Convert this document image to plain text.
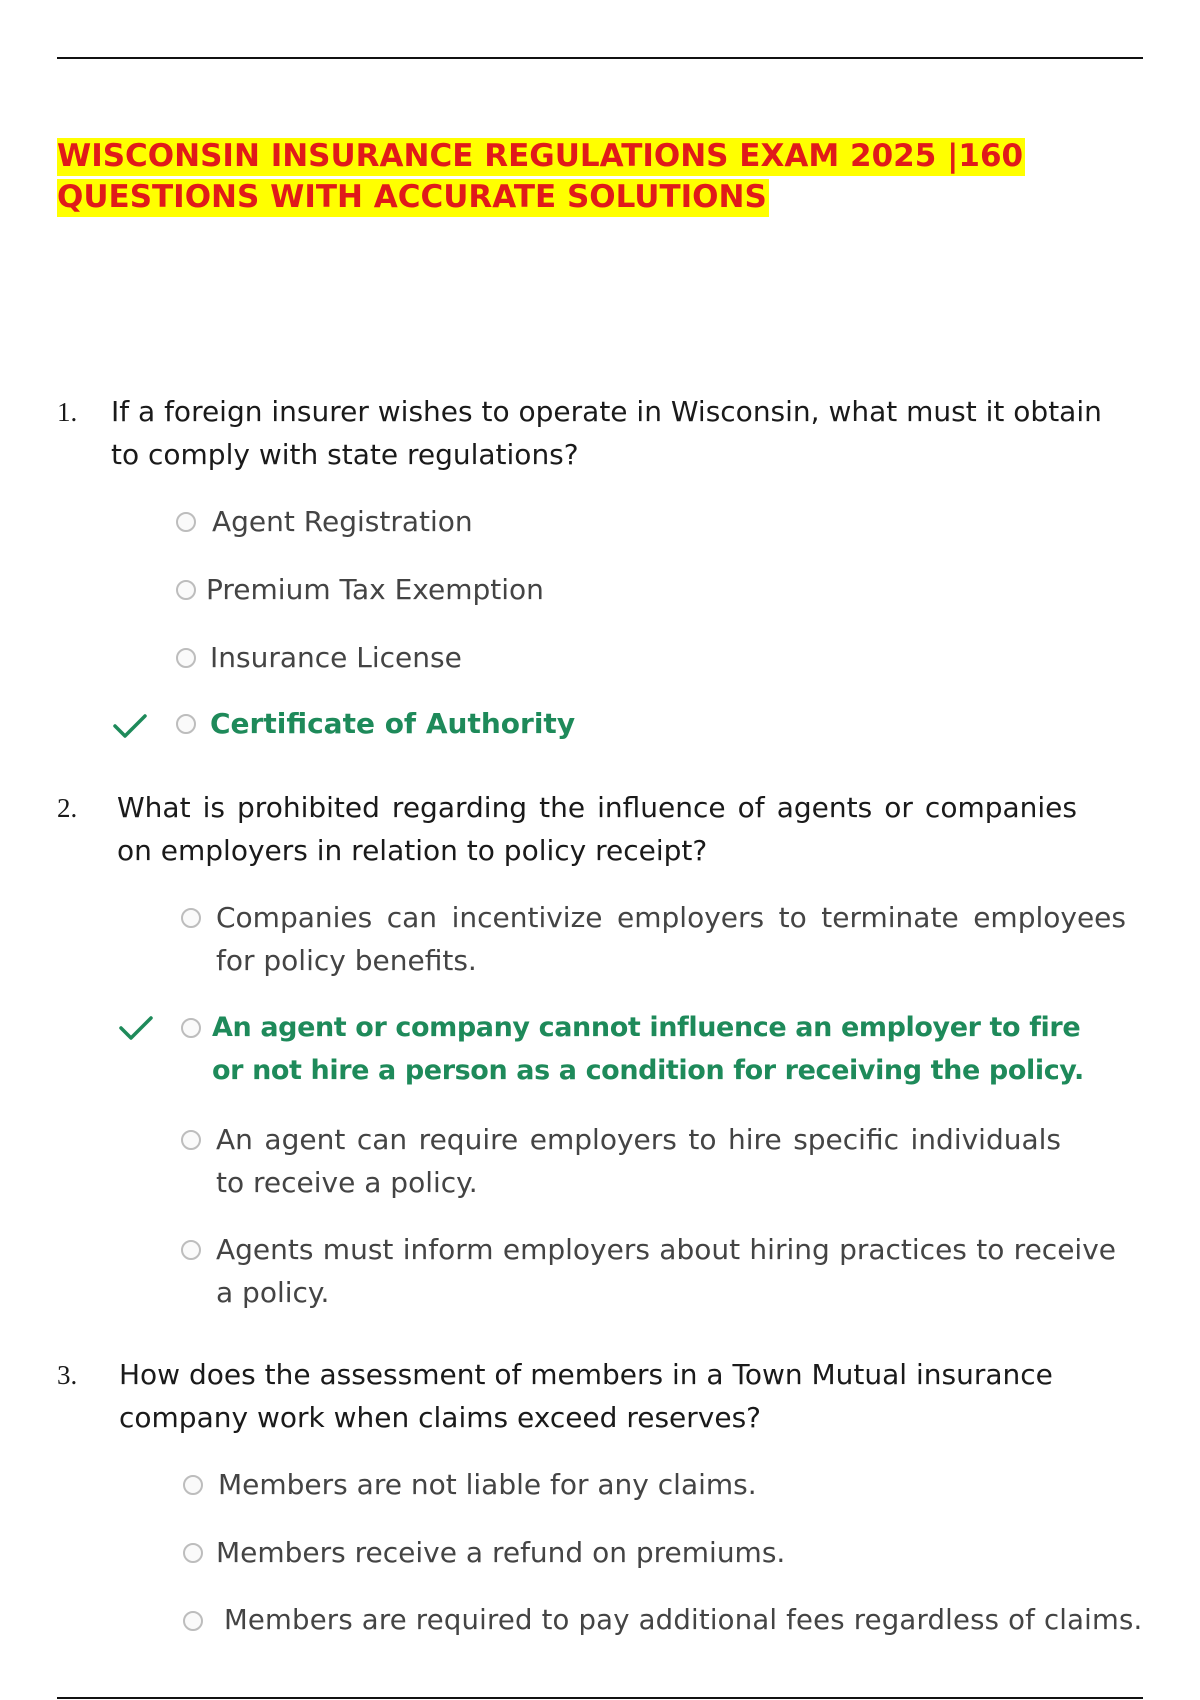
WISCONSIN INSURANCE REGULATIONS EXAM 2025 |160
QUESTIONS WITH ACCURATE SOLUTIONS
1. If a foreign insurer wishes to operate in Wisconsin, what must it obtain to comply with state regulations?
Agent Registration
Premium Tax Exemption
Insurance License
Certificate of Authority
2. What is prohibited regarding the influence of agents or companies on employers in relation to policy receipt?
Companies can incentivize employers to terminate employees for policy benefits.
An agent or company cannot influence an employer to fire or not hire a person as a condition for receiving the policy.
An agent can require employers to hire specific individuals to receive a policy.
Agents must inform employers about hiring practices to receive a policy.
3. How does the assessment of members in a Town Mutual insurance company work when claims exceed reserves?
Members are not liable for any claims.
Members receive a refund on premiums.
Members are required to pay additional fees regardless of claims.
